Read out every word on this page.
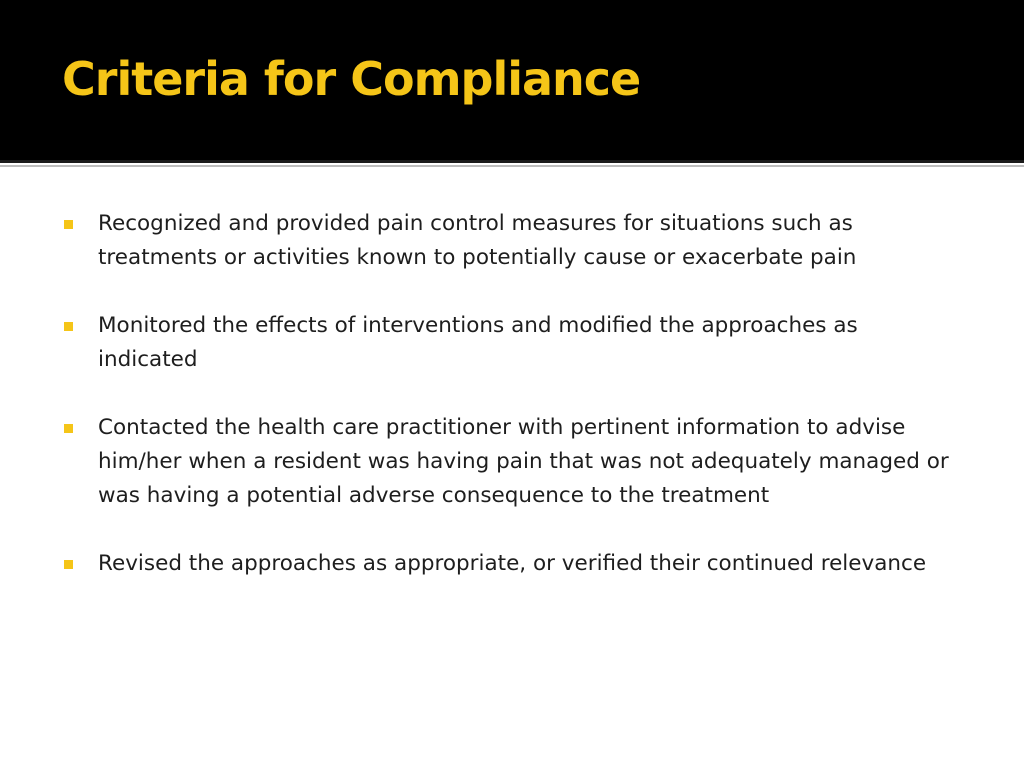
Criteria for Compliance
Recognized and provided pain control measures for situations such as treatments or activities known to potentially cause or exacerbate pain
Monitored the effects of interventions and modified the approaches as indicated
Contacted the health care practitioner with pertinent information to advise him/her when a resident was having pain that was not adequately managed or was having a potential adverse consequence to the treatment
Revised the approaches as appropriate, or verified their continued relevance
